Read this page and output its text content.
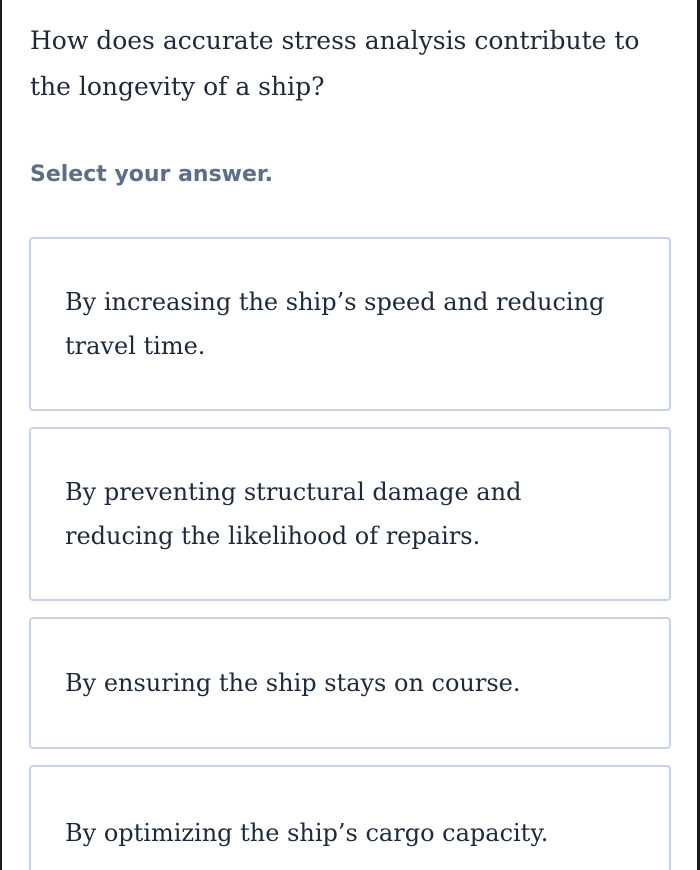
How does accurate stress analysis contribute to the longevity of a ship?
Select your answer.
By increasing the ship’s speed and reducing travel time.
By preventing structural damage and reducing the likelihood of repairs.
By ensuring the ship stays on course.
By optimizing the ship’s cargo capacity.
